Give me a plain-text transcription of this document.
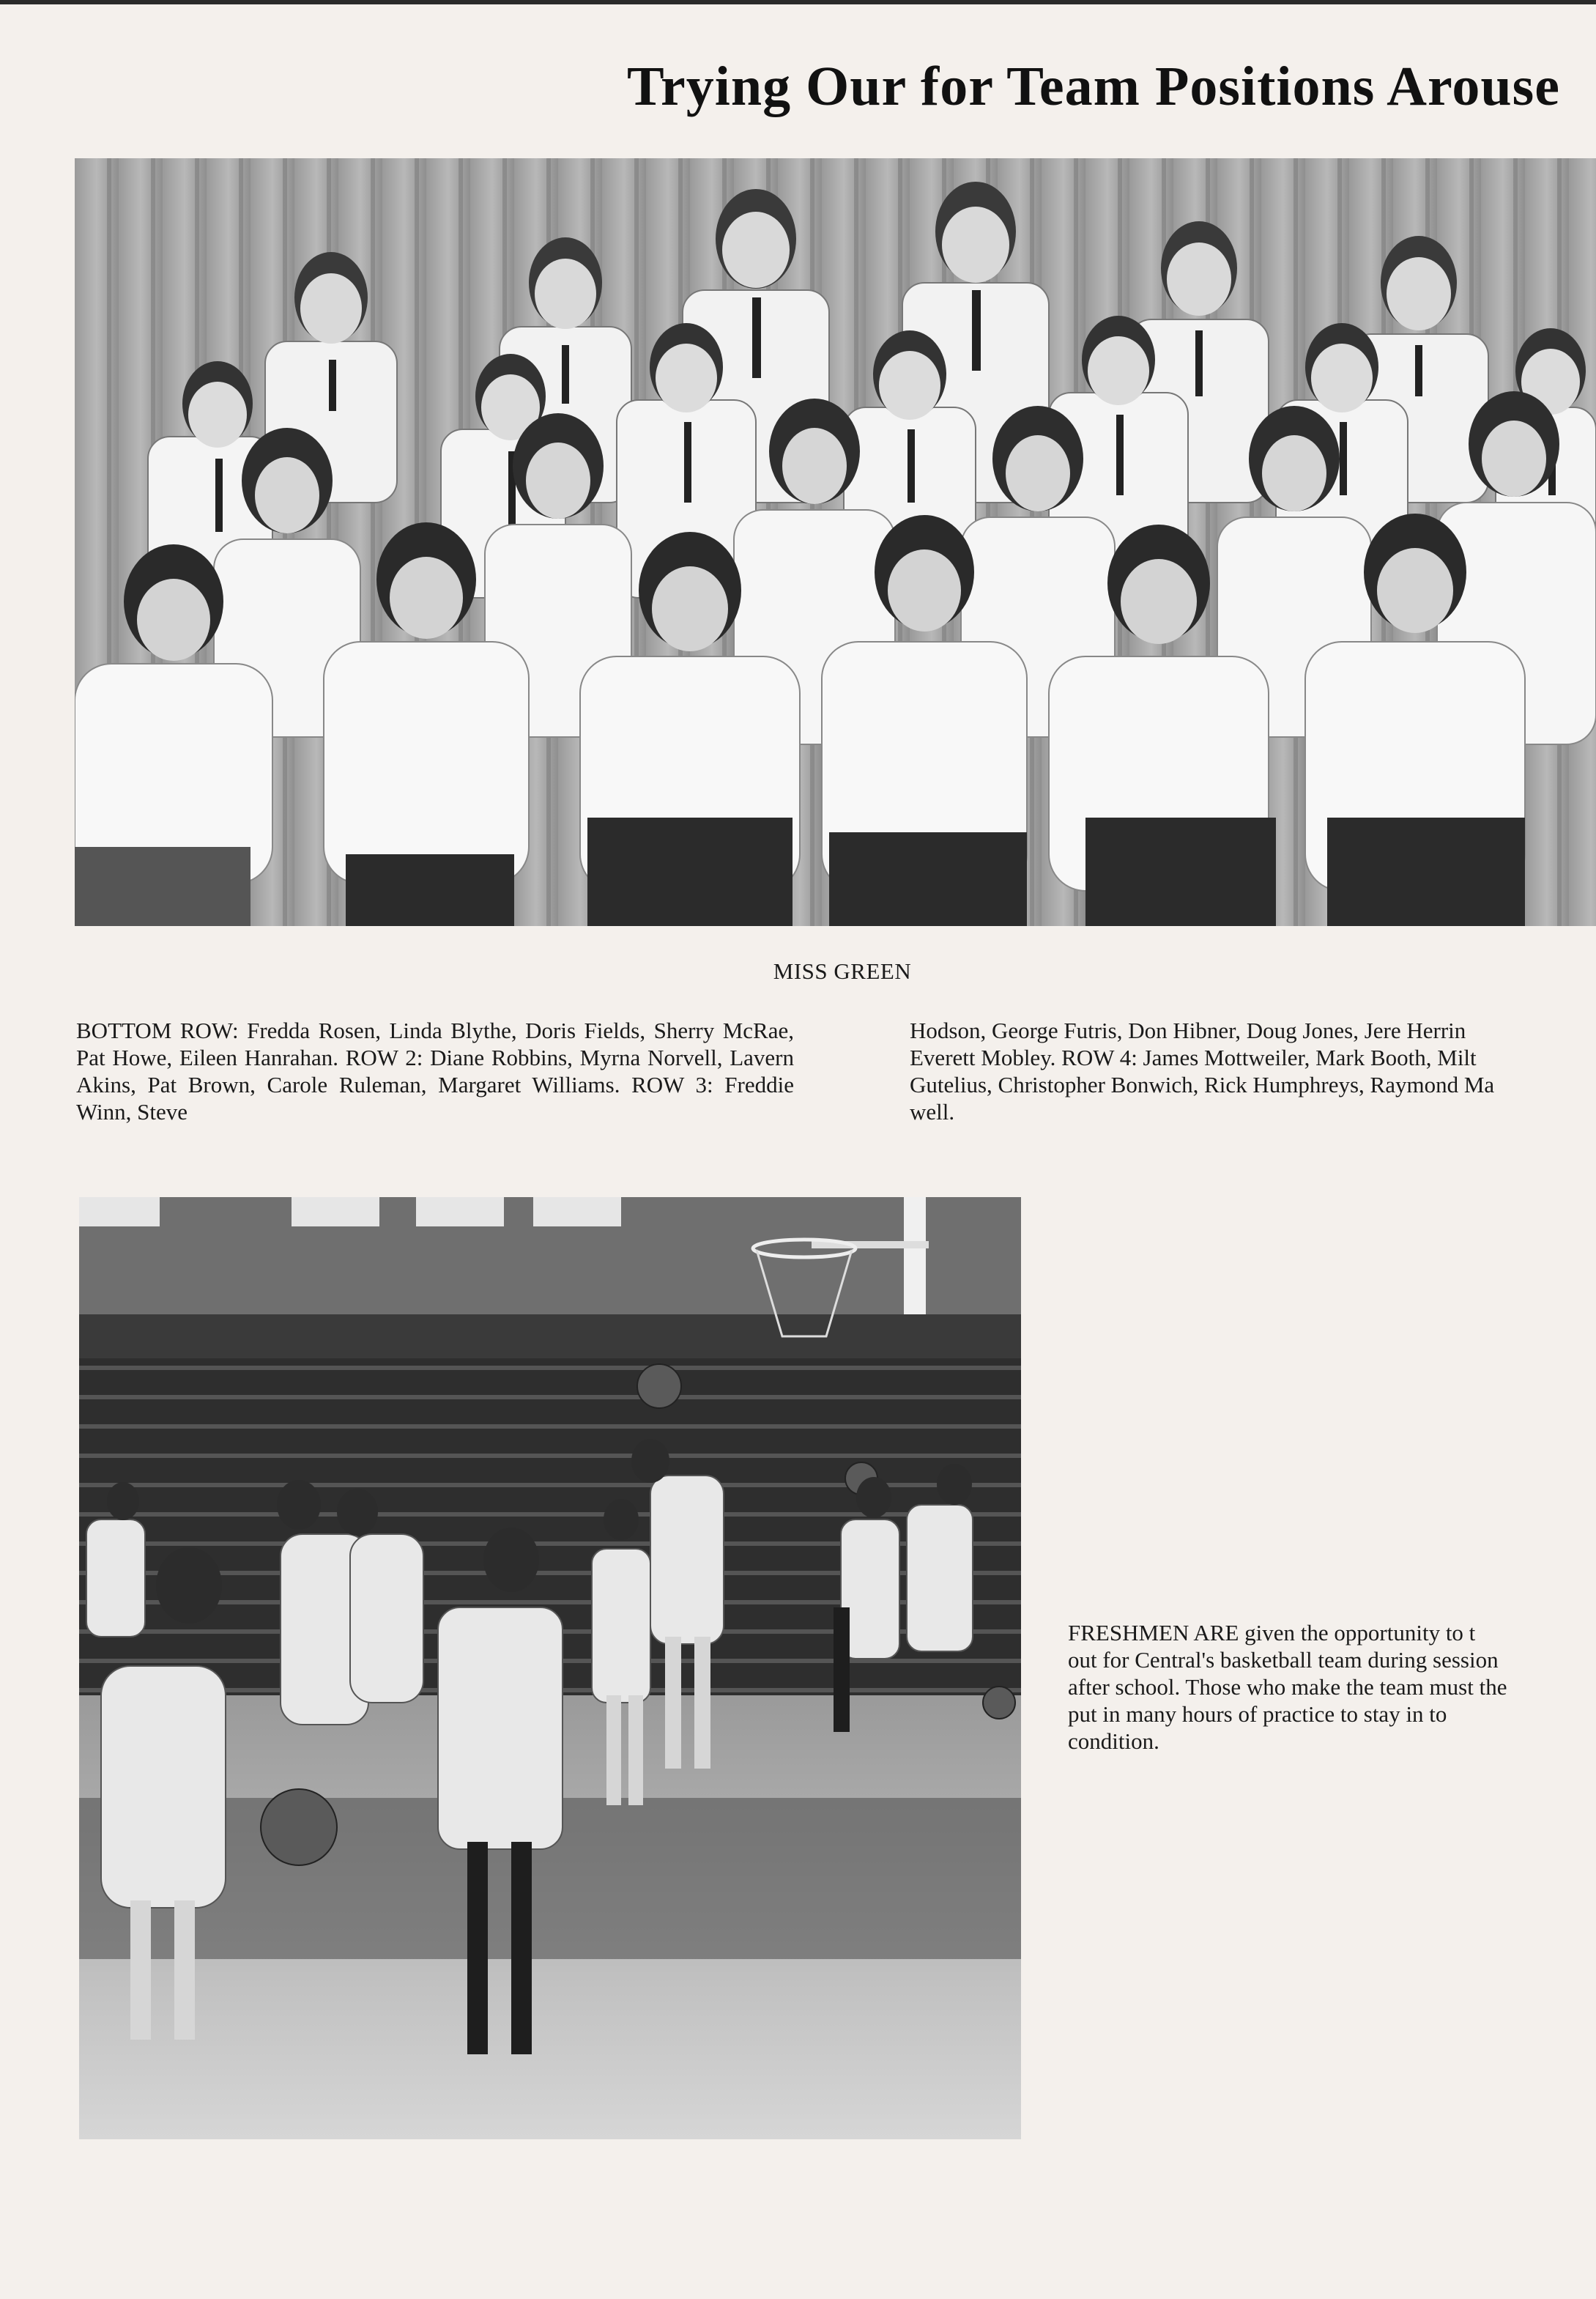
Trying Our for Team Positions Arouse
MISS GREEN

BOTTOM ROW: Fredda Rosen, Linda Blythe, Doris Fields, Sherry McRae, Pat Howe, Eileen Hanrahan. ROW 2: Diane Robbins, Myrna Norvell, Lavern Akins, Pat Brown, Carole Ruleman, Margaret Williams. ROW 3: Freddie Winn, Steve

Hodson, George Futris, Don Hibner, Doug Jones, Jere Herrin
Everett Mobley. ROW 4: James Mottweiler, Mark Booth, Milt
Gutelius, Christopher Bonwich, Rick Humphreys, Raymond Ma
well.
FRESHMEN ARE given the opportunity to t
out for Central's basketball team during session
after school. Those who make the team must the
put in many hours of practice to stay in to
condition.
